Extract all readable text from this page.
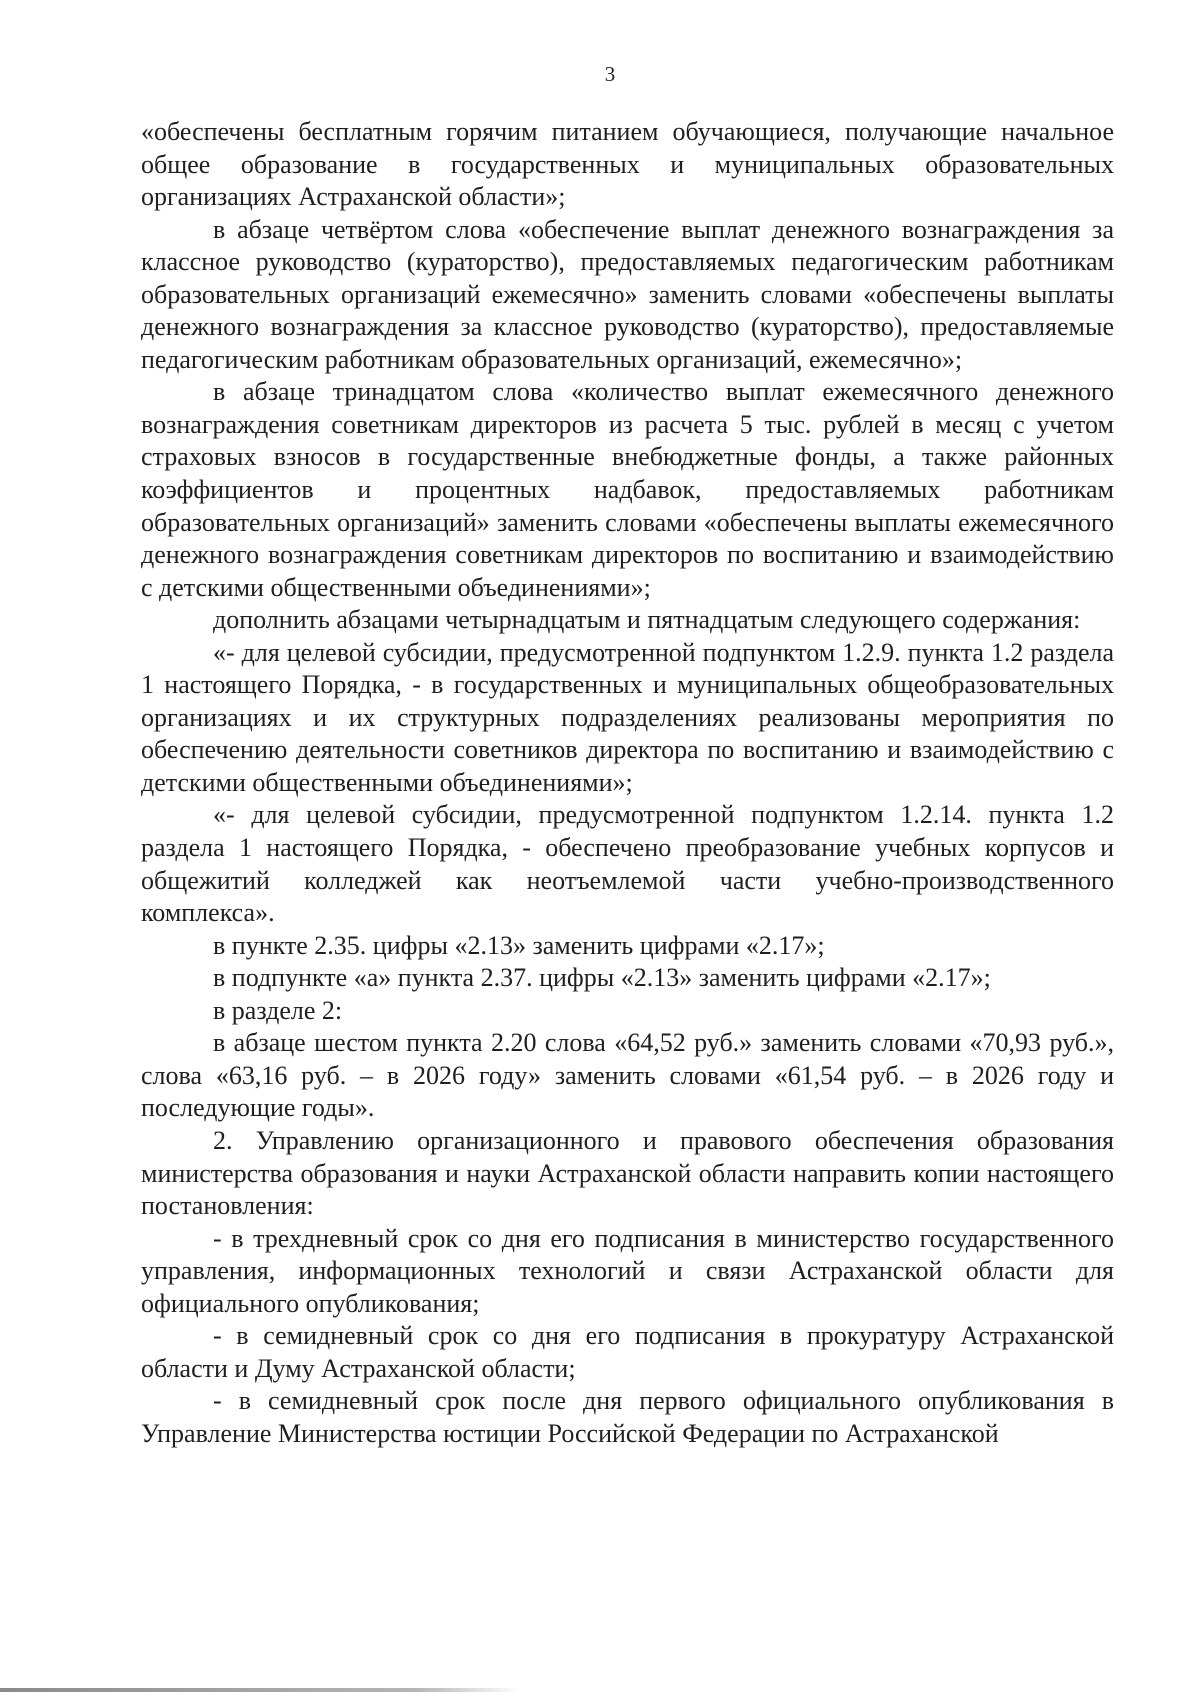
3

«обеспечены бесплатным горячим питанием обучающиеся, получающие начальное общее образование в государственных и муниципальных образовательных организациях Астраханской области»;

в абзаце четвёртом слова «обеспечение выплат денежного вознаграждения за классное руководство (кураторство), предоставляемых педагогическим работникам образовательных организаций ежемесячно» заменить словами «обеспечены выплаты денежного вознаграждения за классное руководство (кураторство), предоставляемые педагогическим работникам образовательных организаций, ежемесячно»;

в абзаце тринадцатом слова «количество выплат ежемесячного денежного вознаграждения советникам директоров из расчета 5 тыс. рублей в месяц с учетом страховых взносов в государственные внебюджетные фонды, а также районных коэффициентов и процентных надбавок, предоставляемых работникам образовательных организаций» заменить словами «обеспечены выплаты ежемесячного денежного вознаграждения советникам директоров по воспитанию и взаимодействию с детскими общественными объединениями»;

дополнить абзацами четырнадцатым и пятнадцатым следующего содержания:

«- для целевой субсидии, предусмотренной подпунктом 1.2.9. пункта 1.2 раздела 1 настоящего Порядка, - в государственных и муниципальных общеобразовательных организациях и их структурных подразделениях реализованы мероприятия по обеспечению деятельности советников директора по воспитанию и взаимодействию с детскими общественными объединениями»;

«- для целевой субсидии, предусмотренной подпунктом 1.2.14. пункта 1.2 раздела 1 настоящего Порядка, - обеспечено преобразование учебных корпусов и общежитий колледжей как неотъемлемой части учебно-производственного комплекса».

в пункте 2.35. цифры «2.13» заменить цифрами «2.17»;

в подпункте «а» пункта 2.37. цифры «2.13» заменить цифрами «2.17»;

в разделе 2:

в абзаце шестом пункта 2.20 слова «64,52 руб.» заменить словами «70,93 руб.», слова «63,16 руб. – в 2026 году» заменить словами «61,54 руб. – в 2026 году и последующие годы».

2. Управлению организационного и правового обеспечения образования министерства образования и науки Астраханской области направить копии настоящего постановления:

- в трехдневный срок со дня его подписания в министерство государственного управления, информационных технологий и связи Астраханской области для официального опубликования;

- в семидневный срок со дня его подписания в прокуратуру Астраханской области и Думу Астраханской области;

- в семидневный срок после дня первого официального опубликования в Управление Министерства юстиции Российской Федерации по Астраханской
